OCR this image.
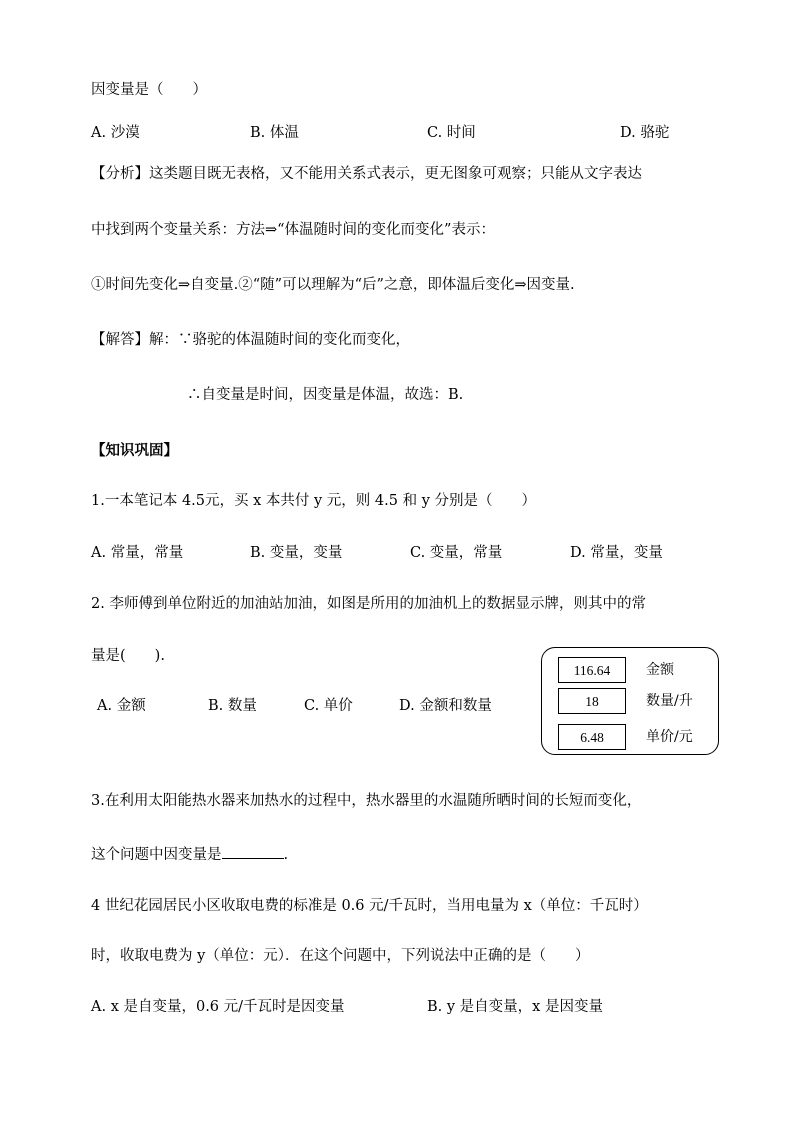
因变量是（　　）
A. 沙漠	B. 体温	C. 时间	D. 骆驼
【分析】这类题目既无表格，又不能用关系式表示，更无图象可观察；只能从文字表达
中找到两个变量关系：方法⇒“体温随时间的变化而变化”表示：
①时间先变化⇒自变量.②“随”可以理解为“后”之意，即体温后变化⇒因变量.
【解答】解：∵骆驼的体温随时间的变化而变化，
∴自变量是时间，因变量是体温，故选：B.
【知识巩固】
1.一本笔记本 4.5元，买 x 本共付 y 元，则 4.5 和 y 分别是（　　）
A. 常量，常量	B. 变量，变量	C. 变量，常量	D. 常量，变量
2. 李师傅到单位附近的加油站加油，如图是所用的加油机上的数据显示牌，则其中的常
量是(　　).
A. 金额	B. 数量	C. 单价	D. 金额和数量
116.64	金额
18	数量/升
6.48	单价/元
3.在利用太阳能热水器来加热水的过程中，热水器里的水温随所晒时间的长短而变化，
这个问题中因变量是	.
4 世纪花园居民小区收取电费的标准是 0.6 元/千瓦时，当用电量为 x（单位：千瓦时）
时，收取电费为 y（单位：元）．在这个问题中，下列说法中正确的是（　　）
A. x 是自变量，0.6 元/千瓦时是因变量	B. y 是自变量，x 是因变量
